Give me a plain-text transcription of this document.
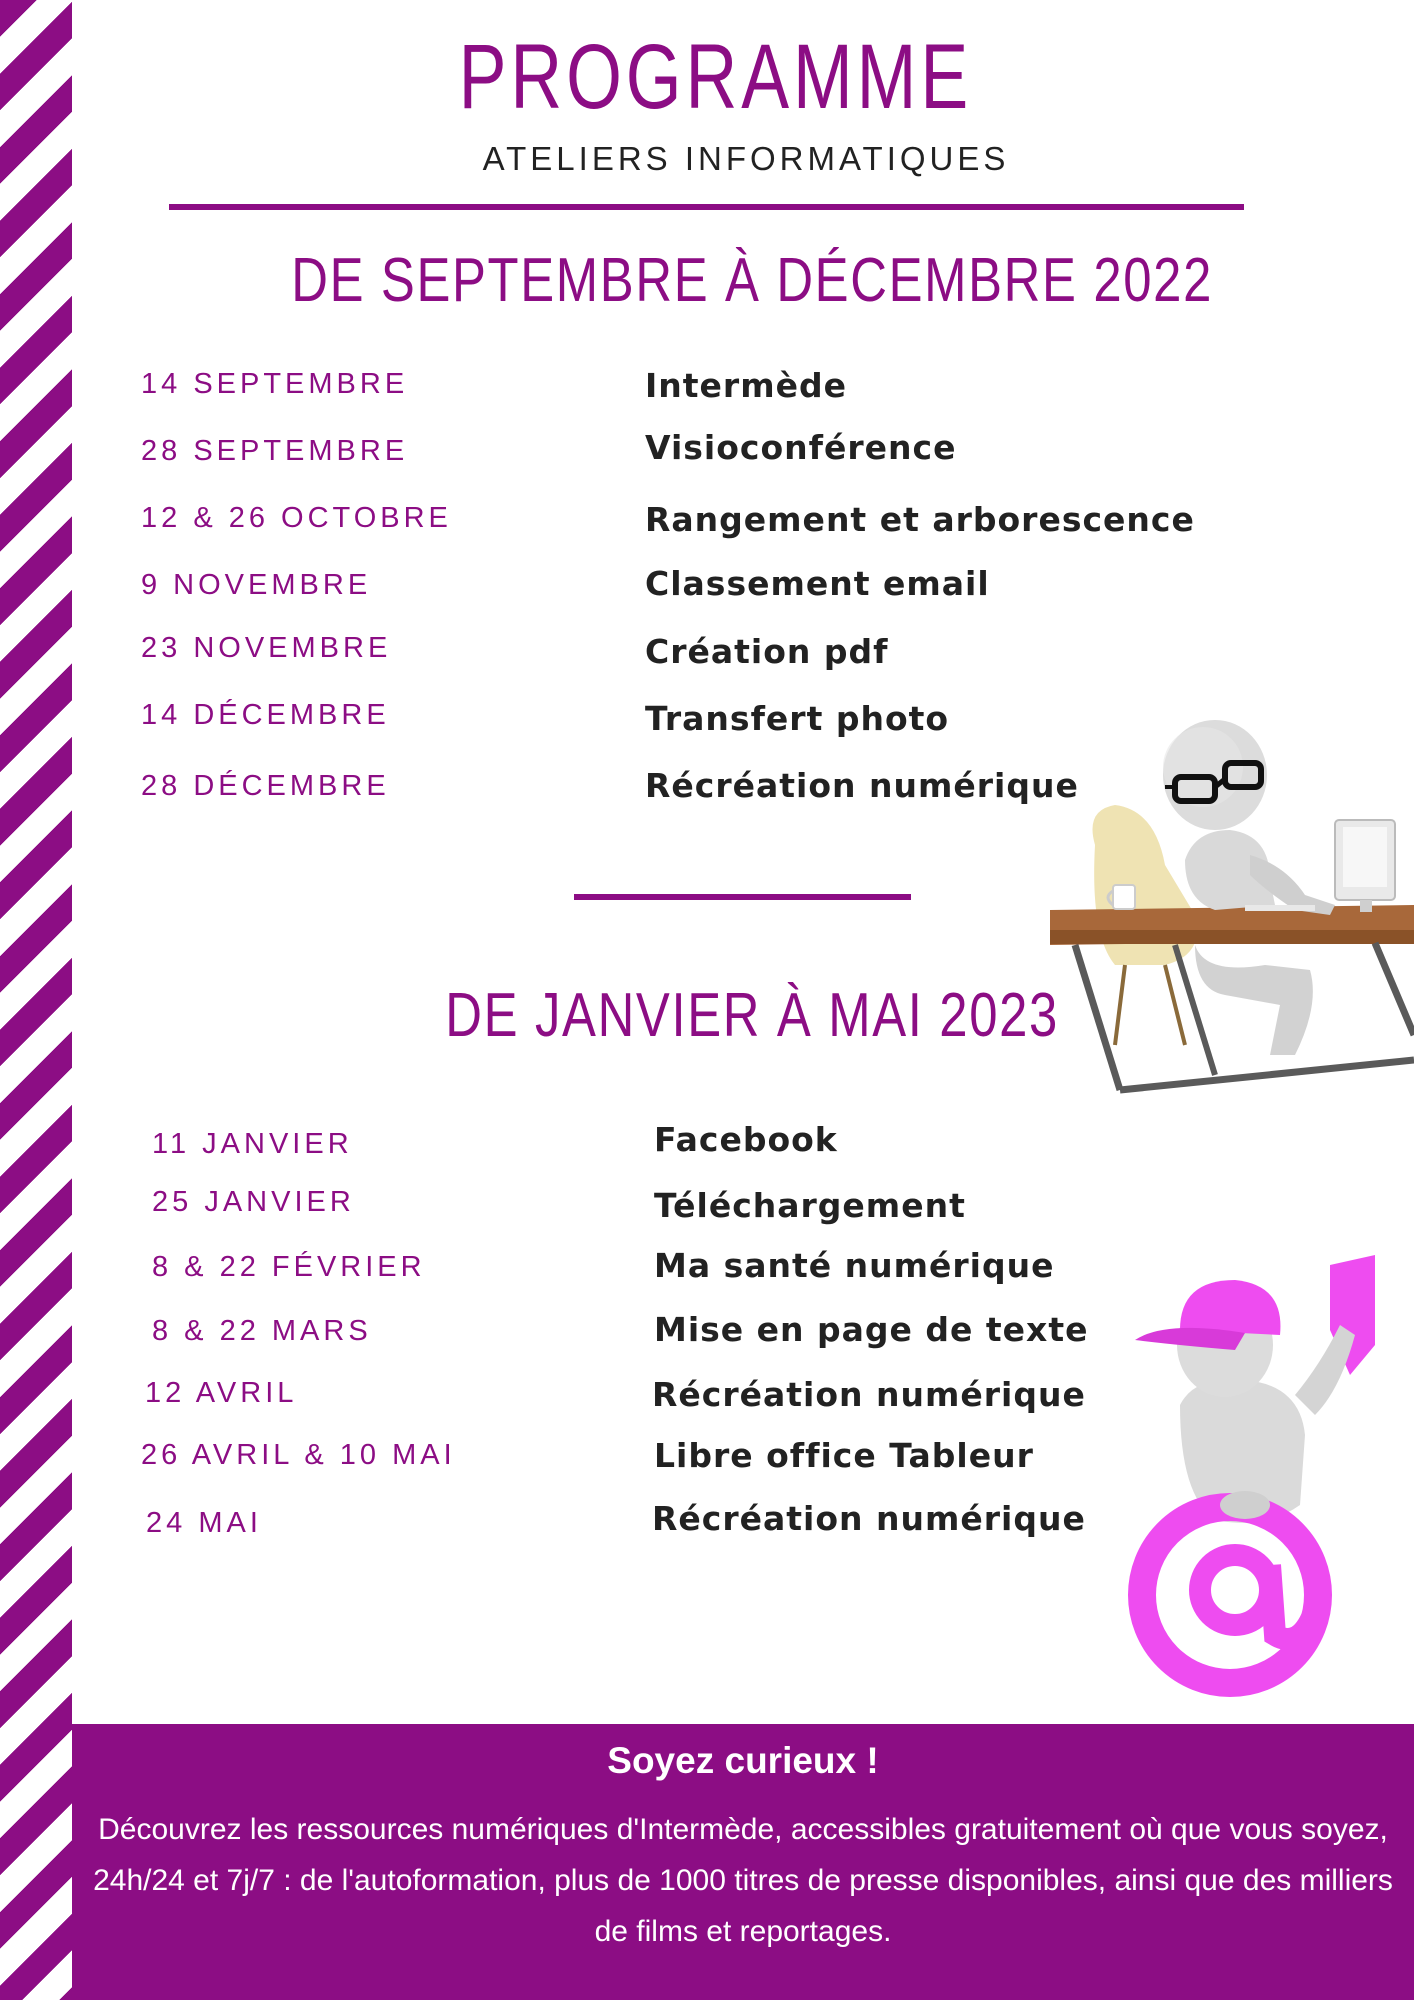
PROGRAMME
ATELIERS INFORMATIQUES
DE SEPTEMBRE À DÉCEMBRE 2022
14 SEPTEMBRE	Intermède
28 SEPTEMBRE	Visioconférence
12 & 26 OCTOBRE	Rangement et arborescence
9 NOVEMBRE	Classement email
23 NOVEMBRE	Création pdf
14 DÉCEMBRE	Transfert photo
28 DÉCEMBRE	Récréation numérique
DE JANVIER À MAI 2023
11 JANVIER	Facebook
25 JANVIER	Téléchargement
8 & 22 FÉVRIER	Ma santé numérique
8 & 22 MARS	Mise en page de texte
12 AVRIL	Récréation numérique
26 AVRIL & 10 MAI	Libre office Tableur
24 MAI	Récréation numérique
Soyez curieux !
Découvrez les ressources numériques d'Intermède, accessibles gratuitement où que vous soyez, 24h/24 et 7j/7 : de l'autoformation, plus de 1000 titres de presse disponibles, ainsi que des milliers de films et reportages.
